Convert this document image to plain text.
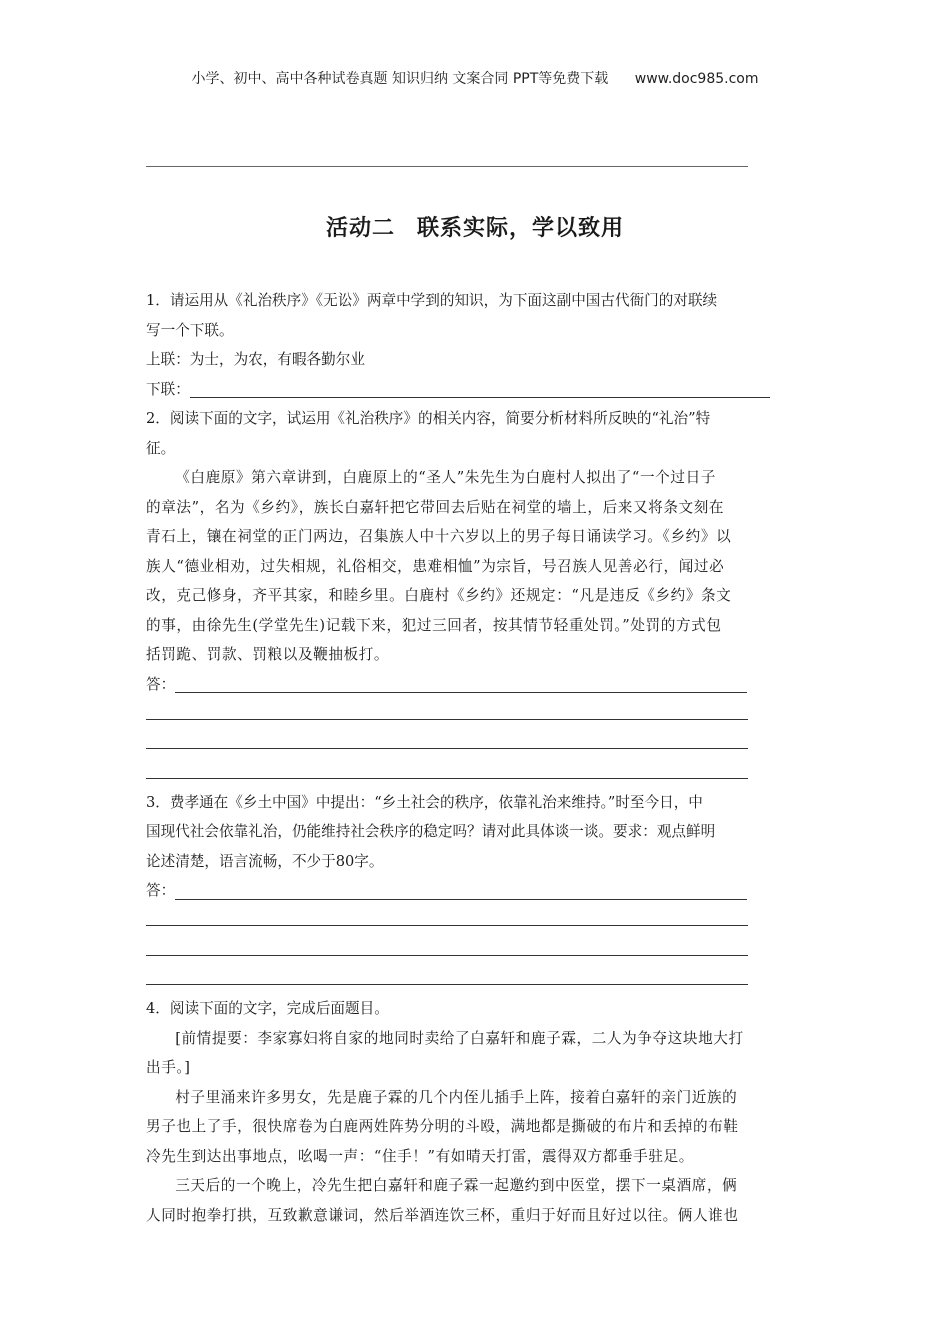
小学、初中、高中各种试卷真题 知识归纳 文案合同 PPT等免费下载 www.doc985.com
活动二 联系实际，学以致用

1．请运用从《礼治秩序》《无讼》两章中学到的知识，为下面这副中国古代衙门的对联续

写一个下联。

上联：为士，为农，有暇各勤尔业

下联：

2．阅读下面的文字，试运用《礼治秩序》的相关内容，简要分析材料所反映的“礼治”特

征。

《白鹿原》第六章讲到，白鹿原上的“圣人”朱先生为白鹿村人拟出了“一个过日子

的章法”，名为《乡约》，族长白嘉轩把它带回去后贴在祠堂的墙上，后来又将条文刻在

青石上，镶在祠堂的正门两边，召集族人中十六岁以上的男子每日诵读学习。《乡约》以

族人“德业相劝，过失相规，礼俗相交，患难相恤”为宗旨，号召族人见善必行，闻过必

改，克己修身，齐平其家，和睦乡里。白鹿村《乡约》还规定：“凡是违反《乡约》条文

的事，由徐先生(学堂先生)记载下来，犯过三回者，按其情节轻重处罚。”处罚的方式包

括罚跪、罚款、罚粮以及鞭抽板打。

答：

3．费孝通在《乡土中国》中提出：“乡土社会的秩序，依靠礼治来维持。”时至今日，中

国现代社会依靠礼治，仍能维持社会秩序的稳定吗？请对此具体谈一谈。要求：观点鲜明

论述清楚，语言流畅，不少于80字。

答：

4．阅读下面的文字，完成后面题目。

[前情提要：李家寡妇将自家的地同时卖给了白嘉轩和鹿子霖，二人为争夺这块地大打

出手。]

村子里涌来许多男女，先是鹿子霖的几个内侄儿插手上阵，接着白嘉轩的亲门近族的

男子也上了手，很快席卷为白鹿两姓阵势分明的斗殴，满地都是撕破的布片和丢掉的布鞋

冷先生到达出事地点，吆喝一声：“住手！”有如晴天打雷，震得双方都垂手驻足。

三天后的一个晚上，冷先生把白嘉轩和鹿子霖一起邀约到中医堂，摆下一桌酒席，俩

人同时抱拳打拱，互致歉意谦词，然后举酒连饮三杯，重归于好而且好过以往。俩人谁也
